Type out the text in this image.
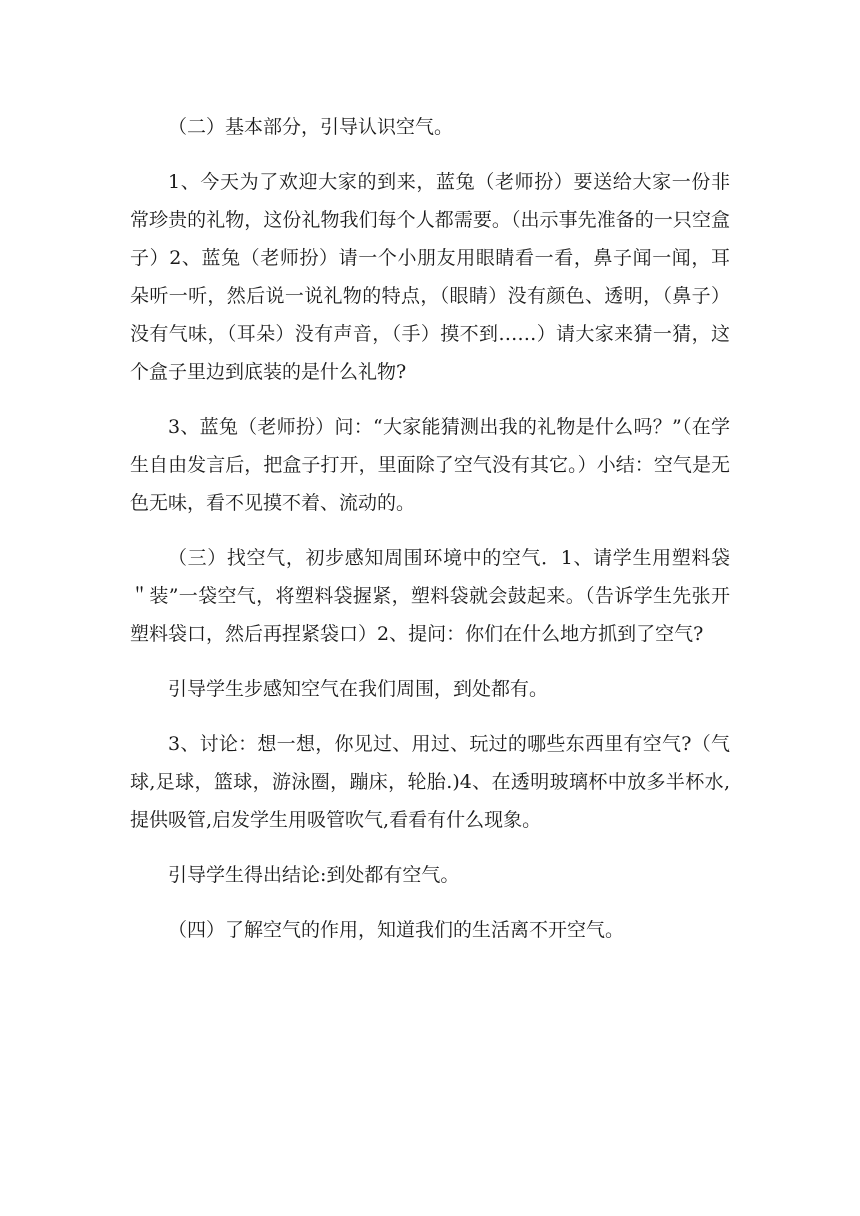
（二）基本部分，引导认识空气。

1、今天为了欢迎大家的到来，蓝兔（老师扮）要送给大家一份非常珍贵的礼物，这份礼物我们每个人都需要。（出示事先准备的一只空盒子）2、蓝兔（老师扮）请一个小朋友用眼睛看一看，鼻子闻一闻，耳朵听一听，然后说一说礼物的特点，（眼睛）没有颜色、透明，（鼻子）没有气味，（耳朵）没有声音，（手）摸不到……）请大家来猜一猜，这个盒子里边到底装的是什么礼物?

3、蓝兔（老师扮）问：“大家能猜测出我的礼物是什么吗？”（在学生自由发言后，把盒子打开，里面除了空气没有其它。）小结：空气是无色无味，看不见摸不着、流动的。

（三）找空气，初步感知周围环境中的空气．1、请学生用塑料袋＂装”一袋空气，将塑料袋握紧，塑料袋就会鼓起来。（告诉学生先张开塑料袋口，然后再捏紧袋口）2、提问：你们在什么地方抓到了空气?

引导学生步感知空气在我们周围，到处都有。

3、讨论：想一想，你见过、用过、玩过的哪些东西里有空气?（气球,足球，篮球，游泳圈，蹦床，轮胎.)4、在透明玻璃杯中放多半杯水,提供吸管,启发学生用吸管吹气,看看有什么现象。

引导学生得出结论:到处都有空气。

（四）了解空气的作用，知道我们的生活离不开空气。
